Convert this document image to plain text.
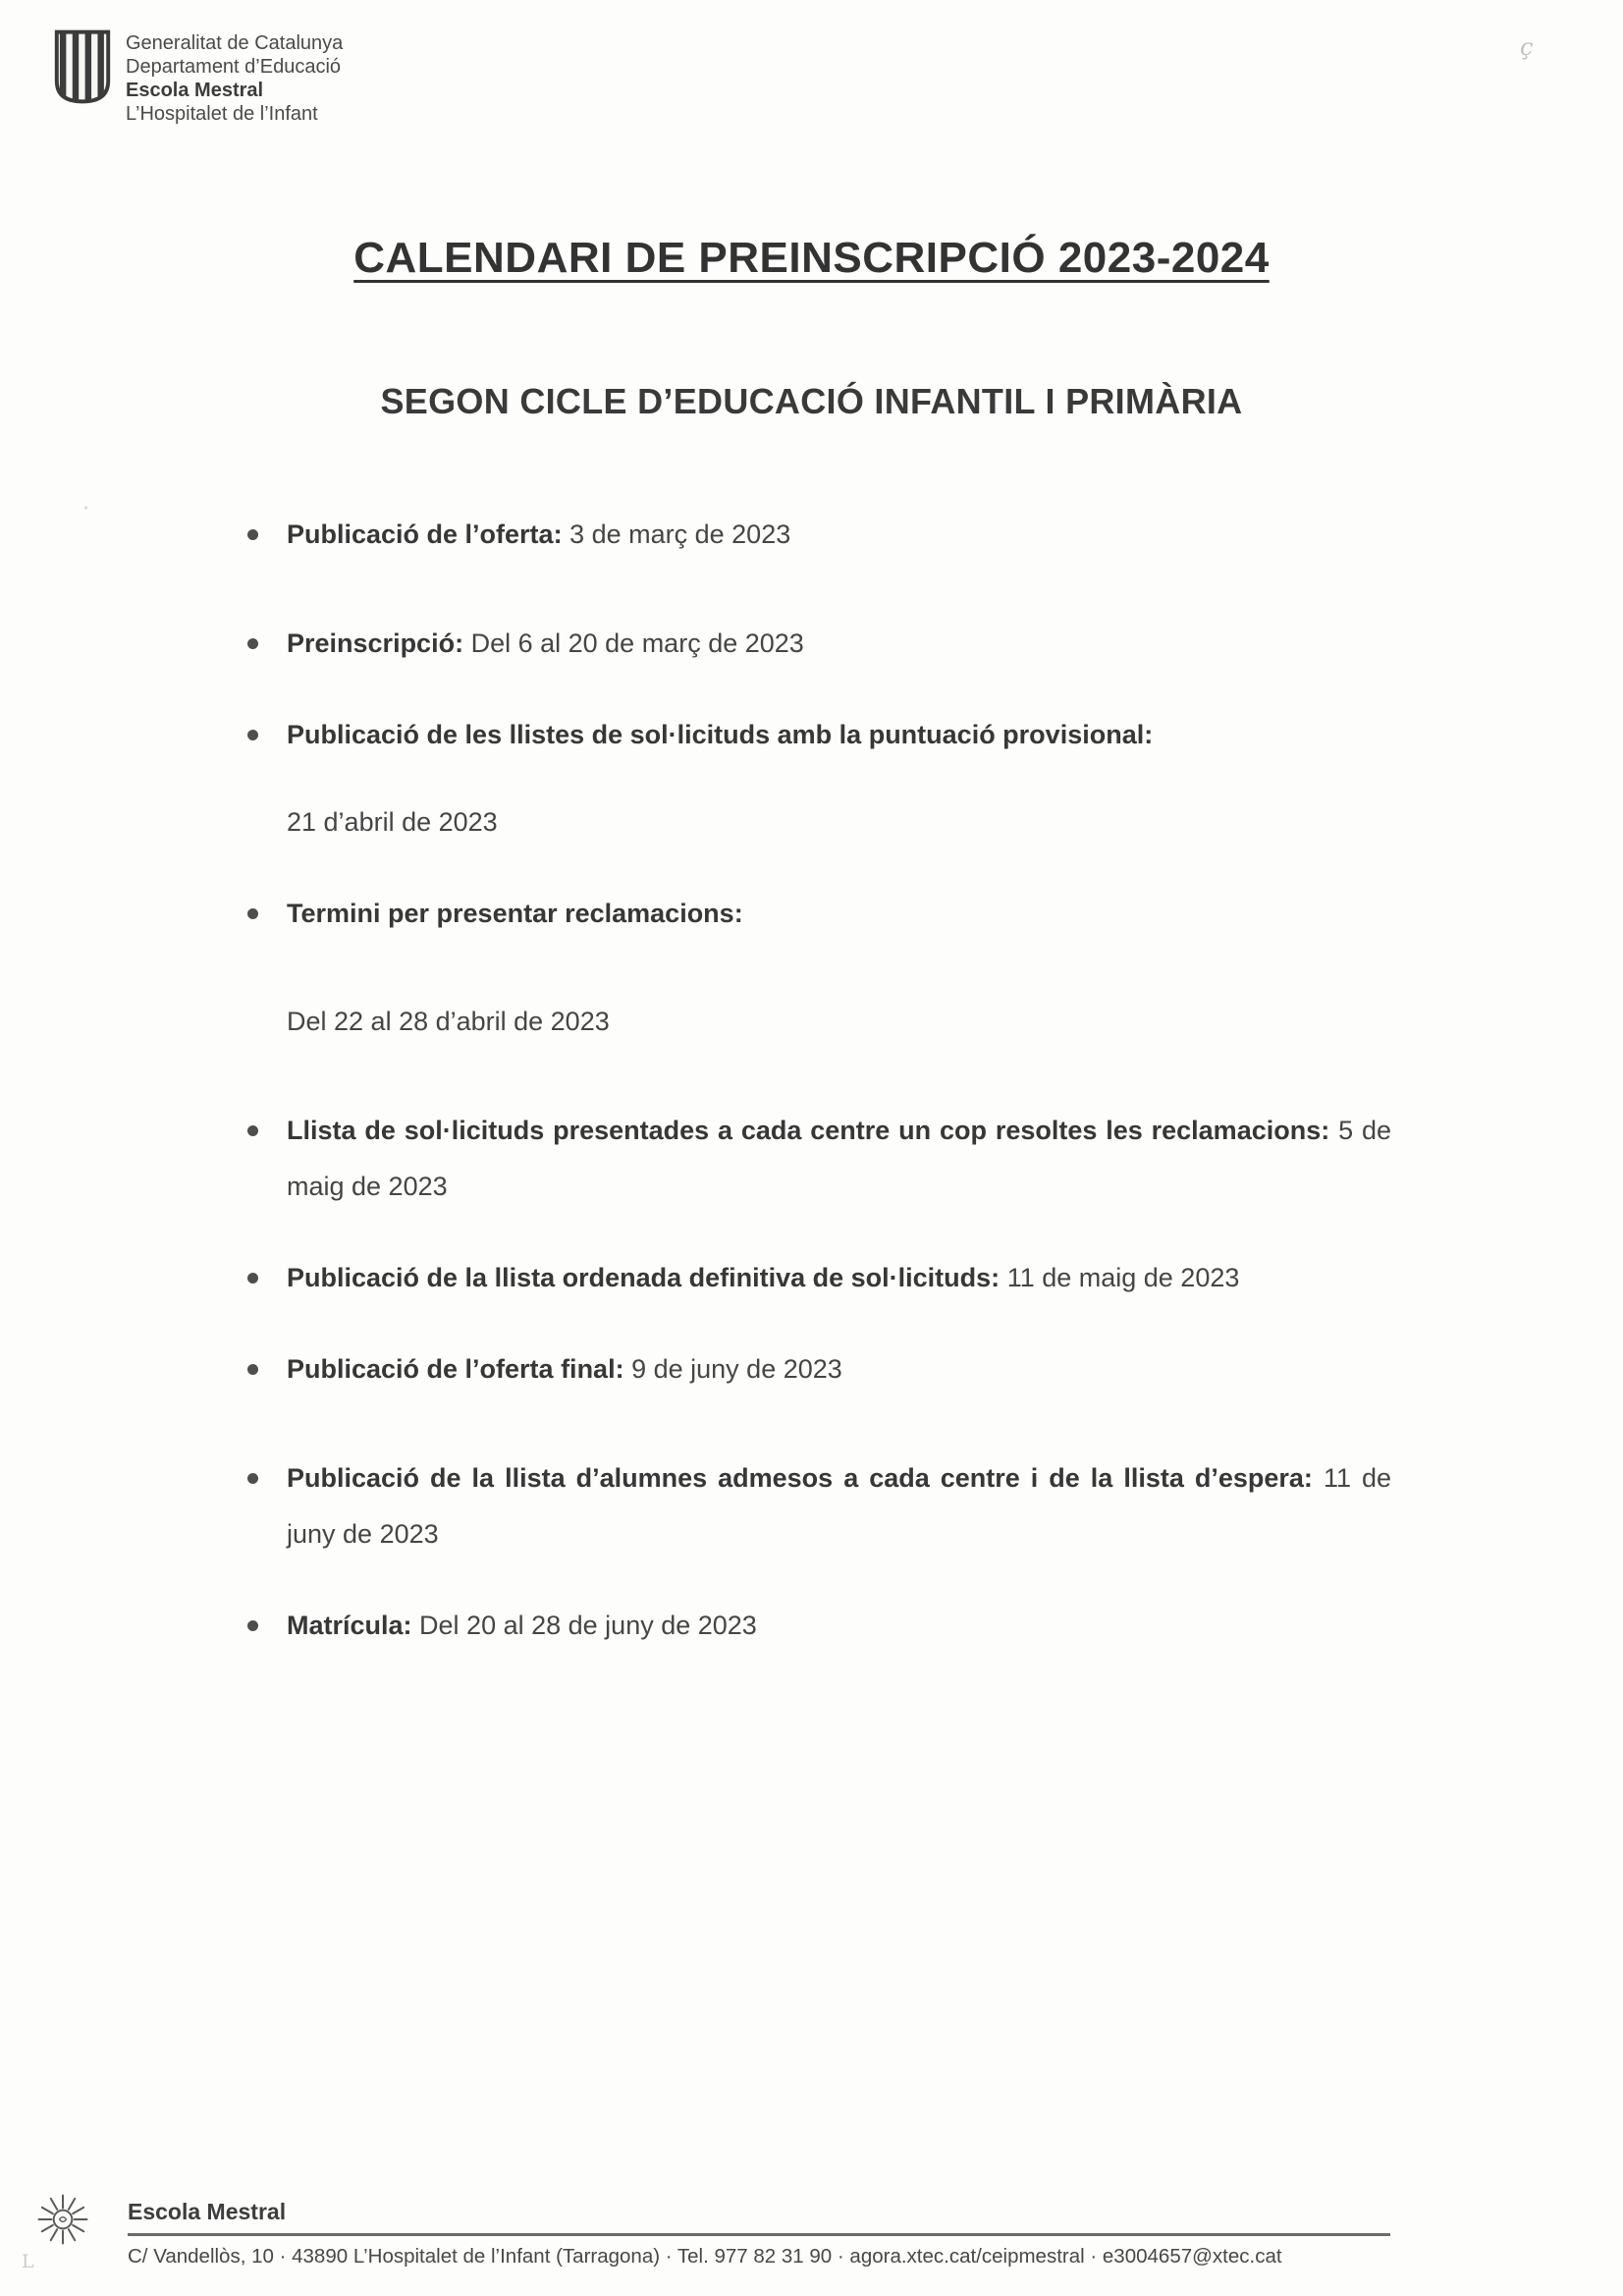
Generalitat de Catalunya
Departament d’Educació
Escola Mestral
L’Hospitalet de l’Infant
CALENDARI DE PREINSCRIPCIÓ 2023-2024
SEGON CICLE D’EDUCACIÓ INFANTIL I PRIMÀRIA
Publicació de l’oferta: 3 de març de 2023
Preinscripció: Del 6 al 20 de març de 2023
Publicació de les llistes de sol·licituds amb la puntuació provisional:
21 d’abril de 2023
Termini per presentar reclamacions:
Del 22 al 28 d’abril de 2023
Llista de sol·licituds presentades a cada centre un cop resoltes les reclamacions: 5 de maig de 2023
Publicació de la llista ordenada definitiva de sol·licituds: 11 de maig de 2023
Publicació de l’oferta final: 9 de juny de 2023
Publicació de la llista d’alumnes admesos a cada centre i de la llista d’espera: 11 de juny de 2023
Matrícula: Del 20 al 28 de juny de 2023
Escola Mestral
C/ Vandellòs, 10 · 43890 L’Hospitalet de l’Infant (Tarragona) · Tel. 977 82 31 90 · agora.xtec.cat/ceipmestral · e3004657@xtec.cat
ç
L
·
